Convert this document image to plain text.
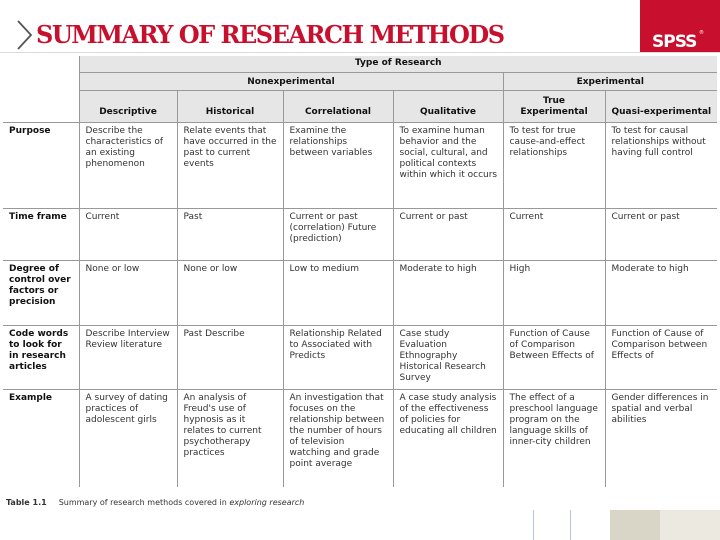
SUMMARY OF RESEARCH METHODS	SPSS ®
	Type of Research					
	Nonexperimental				Experimental	
	Descriptive	Historical	Correlational	Qualitative	True Experimental	Quasi-experimental
Purpose	Describe the characteristics of an existing phenomenon	Relate events that have occurred in the past to current events	Examine the relationships between variables	To examine human behavior and the social, cultural, and political contexts within which it occurs	To test for true cause-and-effect relationships	To test for causal relationships without having full control
Time frame	Current	Past	Current or past (correlation) Future (prediction)	Current or past	Current	Current or past
Degree of control over factors or precision	None or low	None or low	Low to medium	Moderate to high	High	Moderate to high
Code words to look for in research articles	Describe Interview Review literature	Past Describe	Relationship Related to Associated with Predicts	Case study Evaluation Ethnography Historical Research Survey	Function of Cause of Comparison Between Effects of	Function of Cause of Comparison between Effects of
Example	A survey of dating practices of adolescent girls	An analysis of Freud's use of hypnosis as it relates to current psychotherapy practices	An investigation that focuses on the relationship between the number of hours of television watching and grade point average	A case study analysis of the effectiveness of policies for educating all children	The effect of a preschool language program on the language skills of inner-city children	Gender differences in spatial and verbal abilities
Table 1.1 Summary of research methods covered in exploring research
